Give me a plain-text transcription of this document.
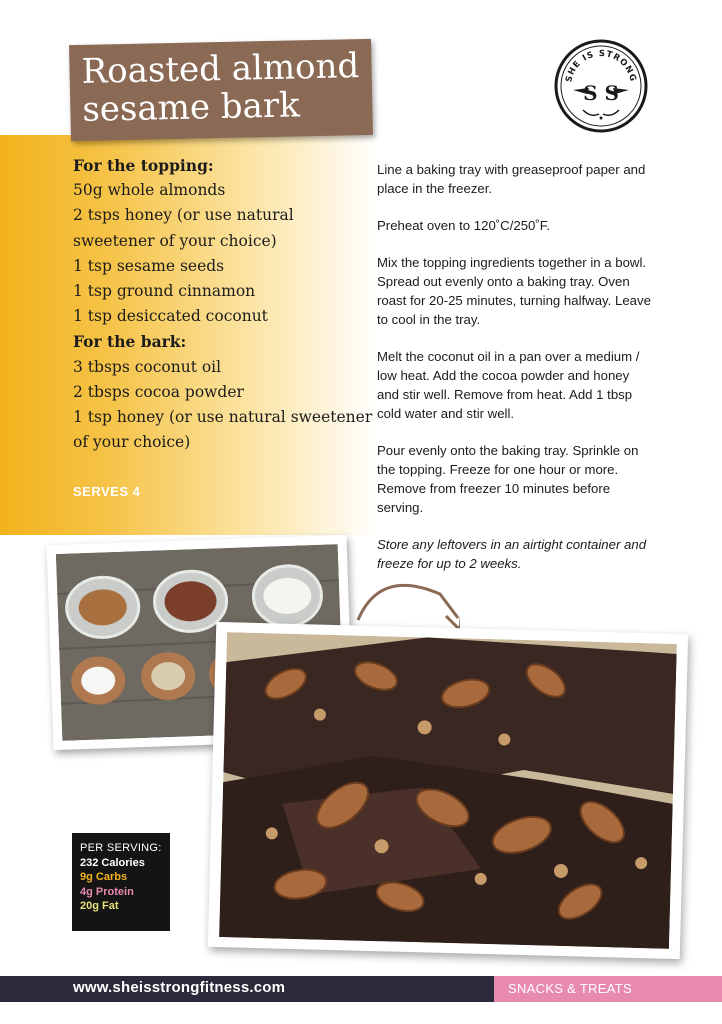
Roasted almond sesame bark
SHE IS STRONG
S S
For the topping:
50g whole almonds
2 tsps honey (or use natural
sweetener of your choice)
1 tsp sesame seeds
1 tsp ground cinnamon
1 tsp desiccated coconut
For the bark:
3 tbsps coconut oil
2 tbsps cocoa powder
1 tsp honey (or use natural sweetener
of your choice)
SERVES 4

Line a baking tray with greaseproof paper and place in the freezer.

Preheat oven to 120˚C/250˚F.

Mix the topping ingredients together in a bowl. Spread out evenly onto a baking tray. Oven roast for 20-25 minutes, turning halfway. Leave to cool in the tray.

Melt the coconut oil in a pan over a medium / low heat. Add the cocoa powder and honey and stir well. Remove from heat. Add 1 tbsp cold water and stir well.

Pour evenly onto the baking tray. Sprinkle on the topping. Freeze for one hour or more. Remove from freezer 10 minutes before serving.

Store any leftovers in an airtight container and freeze for up to 2 weeks.

PER SERVING:
232 Calories
9g Carbs
4g Protein
20g Fat
www.sheisstrongfitness.com	SNACKS & TREATS
